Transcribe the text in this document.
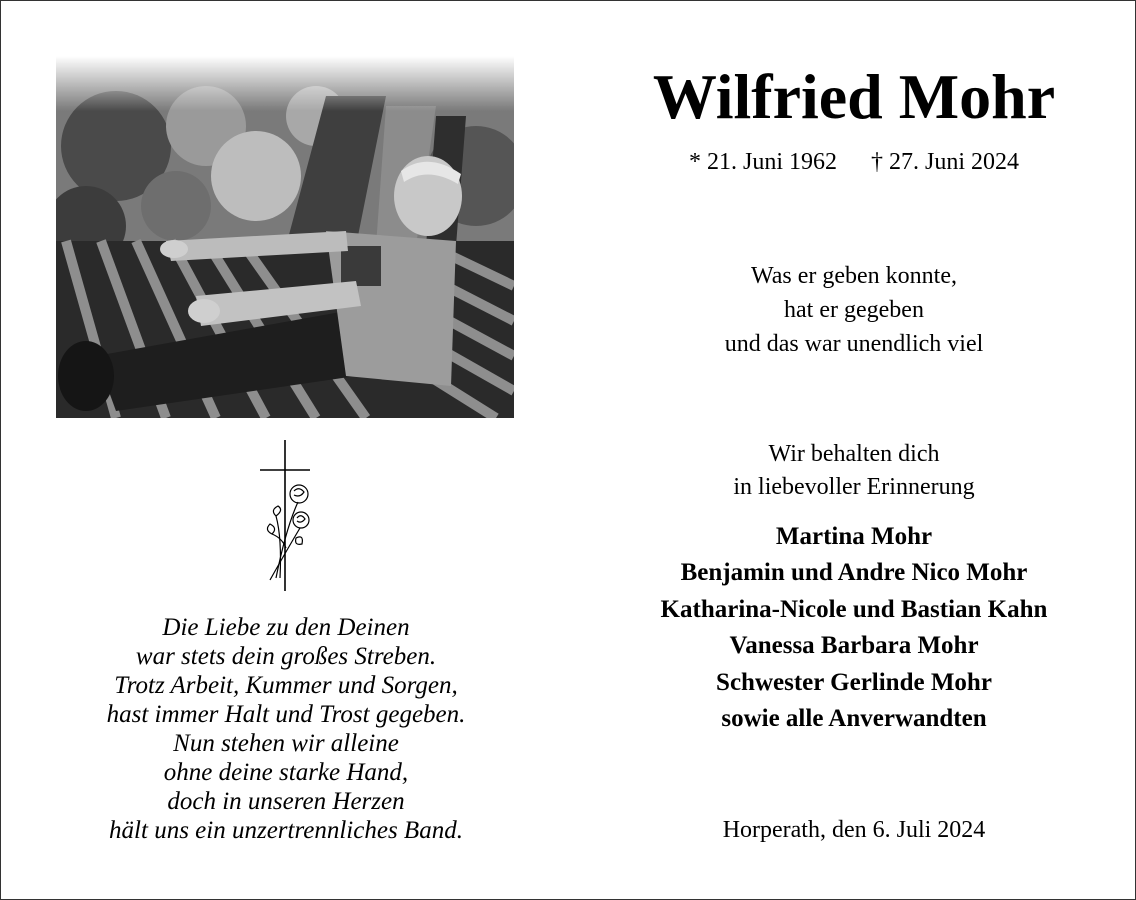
Die Liebe zu den Deinen
war stets dein großes Streben.
Trotz Arbeit, Kummer und Sorgen,
hast immer Halt und Trost gegeben.
Nun stehen wir alleine
ohne deine starke Hand,
doch in unseren Herzen
hält uns ein unzertrennliches Band.
Wilfried Mohr
* 21. Juni 1962 † 27. Juni 2024
Was er geben konnte,
hat er gegeben
und das war unendlich viel
Wir behalten dich
in liebevoller Erinnerung
Martina Mohr
Benjamin und Andre Nico Mohr
Katharina-Nicole und Bastian Kahn
Vanessa Barbara Mohr
Schwester Gerlinde Mohr
sowie alle Anverwandten
Horperath, den 6. Juli 2024
